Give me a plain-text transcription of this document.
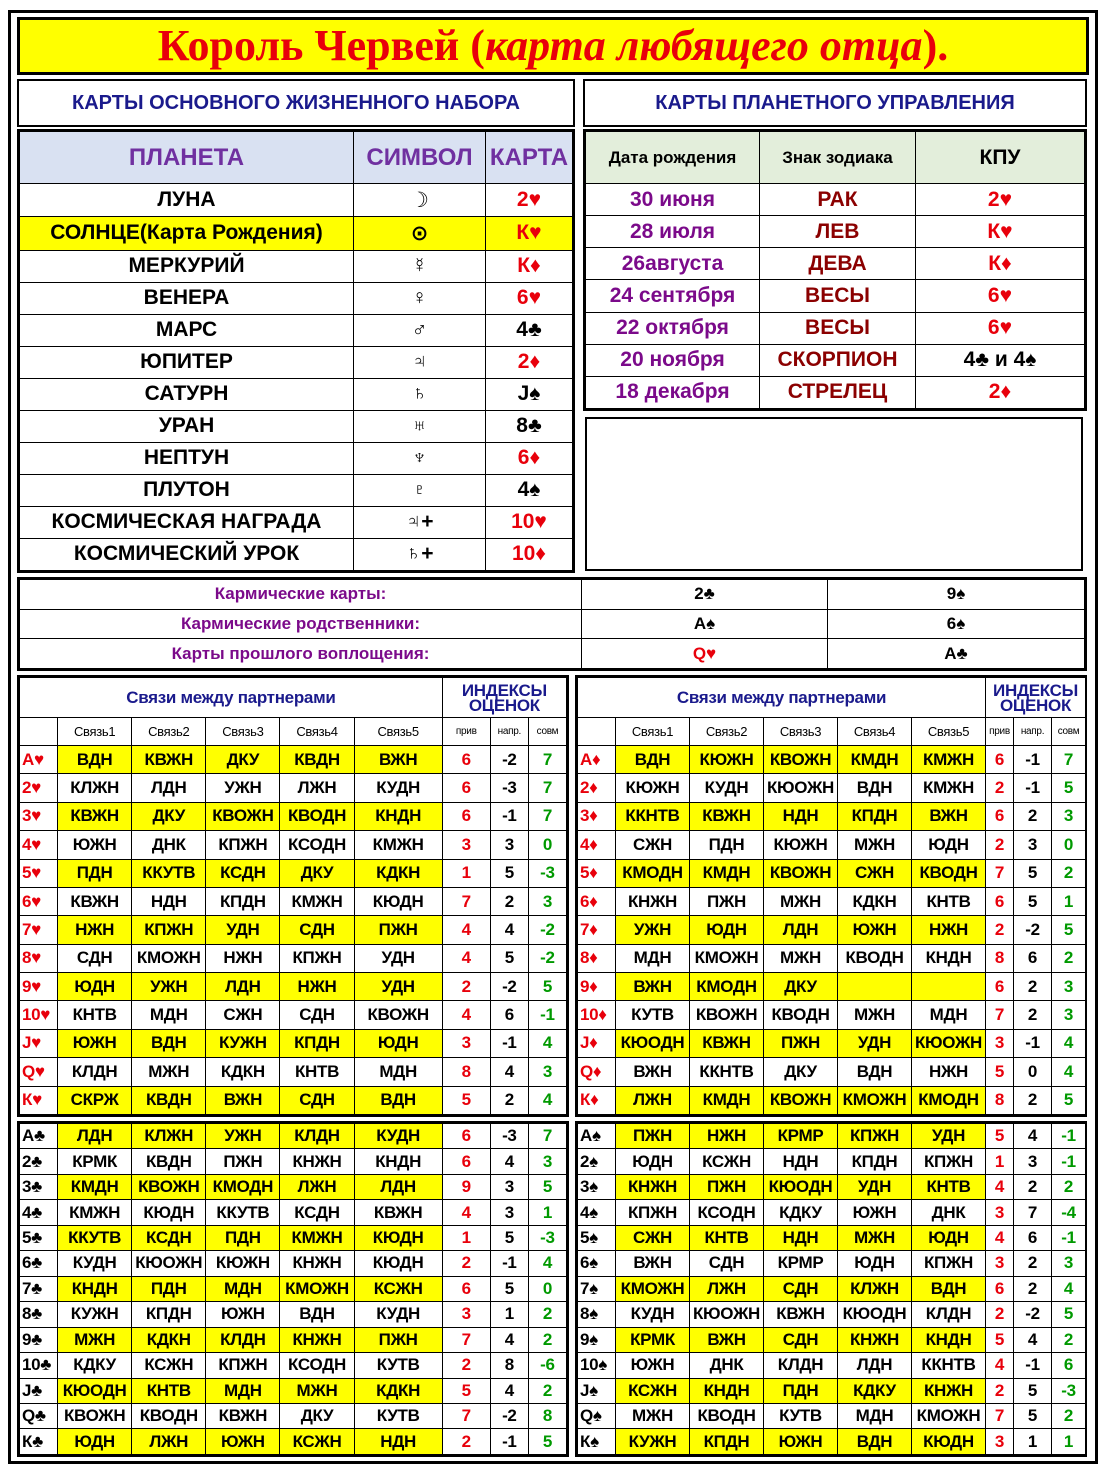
Король Червей (карта любящего отца).
КАРТЫ ОСНОВНОГО ЖИЗНЕННОГО НАБОРА	КАРТЫ ПЛАНЕТНОГО УПРАВЛЕНИЯ
ПЛАНЕТА	СИМВОЛ	КАРТА
ЛУНА	☽	2♥
СОЛНЦЕ(Карта Рождения)	⊙	К♥
МЕРКУРИЙ	☿	К♦
ВЕНЕРА	♀	6♥
МАРС	♂	4♣
ЮПИТЕР	♃	2♦
САТУРН	♄	J♠
УРАН	♅	8♣
НЕПТУН	♆	6♦
ПЛУТОН	♇	4♠
КОСМИЧЕСКАЯ НАГРАДА	♃+	10♥
КОСМИЧЕСКИЙ УРОК	♄+	10♦
Дата рождения	Знак зодиака	КПУ
30 июня	РАК	2♥
28 июля	ЛЕВ	К♥
26августа	ДЕВА	К♦
24 сентября	ВЕСЫ	6♥
22 октября	ВЕСЫ	6♥
20 ноября	СКОРПИОН	4♣ и 4♠
18 декабря	СТРЕЛЕЦ	2♦
Кармические карты:	2♣	9♠
Кармические родственники:	A♠	6♠
Карты прошлого воплощения:	Q♥	A♣
Связи между партнерами						ИНДЕКСЫ ОЦЕНОК		
	Связь1	Связь2	Связь3	Связь4	Связь5	прив	напр.	совм
A♥	ВДН	КВЖН	ДКУ	КВДН	ВЖН	6	-2	7
2♥	КЛЖН	ЛДН	УЖН	ЛЖН	КУДН	6	-3	7
3♥	КВЖН	ДКУ	КВОЖН	КВОДН	КНДН	6	-1	7
4♥	ЮЖН	ДНК	КПЖН	КСОДН	КМЖН	3	3	0
5♥	ПДН	ККУТВ	КСДН	ДКУ	КДКН	1	5	-3
6♥	КВЖН	НДН	КПДН	КМЖН	КЮДН	7	2	3
7♥	НЖН	КПЖН	УДН	СДН	ПЖН	4	4	-2
8♥	СДН	КМОЖН	НЖН	КПЖН	УДН	4	5	-2
9♥	ЮДН	УЖН	ЛДН	НЖН	УДН	2	-2	5
10♥	КНТВ	МДН	СЖН	СДН	КВОЖН	4	6	-1
J♥	ЮЖН	ВДН	КУЖН	КПДН	ЮДН	3	-1	4
Q♥	КЛДН	МЖН	КДКН	КНТВ	МДН	8	4	3
К♥	СКРЖ	КВДН	ВЖН	СДН	ВДН	5	2	4
Связи между партнерами						ИНДЕКСЫ ОЦЕНОК		
	Связь1	Связь2	Связь3	Связь4	Связь5	прив	напр.	совм
A♦	ВДН	КЮЖН	КВОЖН	КМДН	КМЖН	6	-1	7
2♦	КЮЖН	КУДН	КЮОЖН	ВДН	КМЖН	2	-1	5
3♦	ККНТВ	КВЖН	НДН	КПДН	ВЖН	6	2	3
4♦	СЖН	ПДН	КЮЖН	МЖН	ЮДН	2	3	0
5♦	КМОДН	КМДН	КВОЖН	СЖН	КВОДН	7	5	2
6♦	КНЖН	ПЖН	МЖН	КДКН	КНТВ	6	5	1
7♦	УЖН	ЮДН	ЛДН	ЮЖН	НЖН	2	-2	5
8♦	МДН	КМОЖН	МЖН	КВОДН	КНДН	8	6	2
9♦	ВЖН	КМОДН	ДКУ			6	2	3
10♦	КУТВ	КВОЖН	КВОДН	МЖН	МДН	7	2	3
J♦	КЮОДН	КВЖН	ПЖН	УДН	КЮОЖН	3	-1	4
Q♦	ВЖН	ККНТВ	ДКУ	ВДН	НЖН	5	0	4
К♦	ЛЖН	КМДН	КВОЖН	КМОЖН	КМОДН	8	2	5
A♣	ЛДН	КЛЖН	УЖН	КЛДН	КУДН	6	-3	7
2♣	КРМК	КВДН	ПЖН	КНЖН	КНДН	6	4	3
3♣	КМДН	КВОЖН	КМОДН	ЛЖН	ЛДН	9	3	5
4♣	КМЖН	КЮДН	ККУТВ	КСДН	КВЖН	4	3	1
5♣	ККУТВ	КСДН	ПДН	КМЖН	КЮДН	1	5	-3
6♣	КУДН	КЮОЖН	КЮЖН	КНЖН	КЮДН	2	-1	4
7♣	КНДН	ПДН	МДН	КМОЖН	КСЖН	6	5	0
8♣	КУЖН	КПДН	ЮЖН	ВДН	КУДН	3	1	2
9♣	МЖН	КДКН	КЛДН	КНЖН	ПЖН	7	4	2
10♣	КДКУ	КСЖН	КПЖН	КСОДН	КУТВ	2	8	-6
J♣	КЮОДН	КНТВ	МДН	МЖН	КДКН	5	4	2
Q♣	КВОЖН	КВОДН	КВЖН	ДКУ	КУТВ	7	-2	8
К♣	ЮДН	ЛЖН	ЮЖН	КСЖН	НДН	2	-1	5
A♠	ПЖН	НЖН	КРМР	КПЖН	УДН	5	4	-1
2♠	ЮДН	КСЖН	НДН	КПДН	КПЖН	1	3	-1
3♠	КНЖН	ПЖН	КЮОДН	УДН	КНТВ	4	2	2
4♠	КПЖН	КСОДН	КДКУ	ЮЖН	ДНК	3	7	-4
5♠	СЖН	КНТВ	НДН	МЖН	ЮДН	4	6	-1
6♠	ВЖН	СДН	КРМР	ЮДН	КПЖН	3	2	3
7♠	КМОЖН	ЛЖН	СДН	КЛЖН	ВДН	6	2	4
8♠	КУДН	КЮОЖН	КВЖН	КЮОДН	КЛДН	2	-2	5
9♠	КРМК	ВЖН	СДН	КНЖН	КНДН	5	4	2
10♠	ЮЖН	ДНК	КЛДН	ЛДН	ККНТВ	4	-1	6
J♠	КСЖН	КНДН	ПДН	КДКУ	КНЖН	2	5	-3
Q♠	МЖН	КВОДН	КУТВ	МДН	КМОЖН	7	5	2
К♠	КУЖН	КПДН	ЮЖН	ВДН	КЮДН	3	1	1
